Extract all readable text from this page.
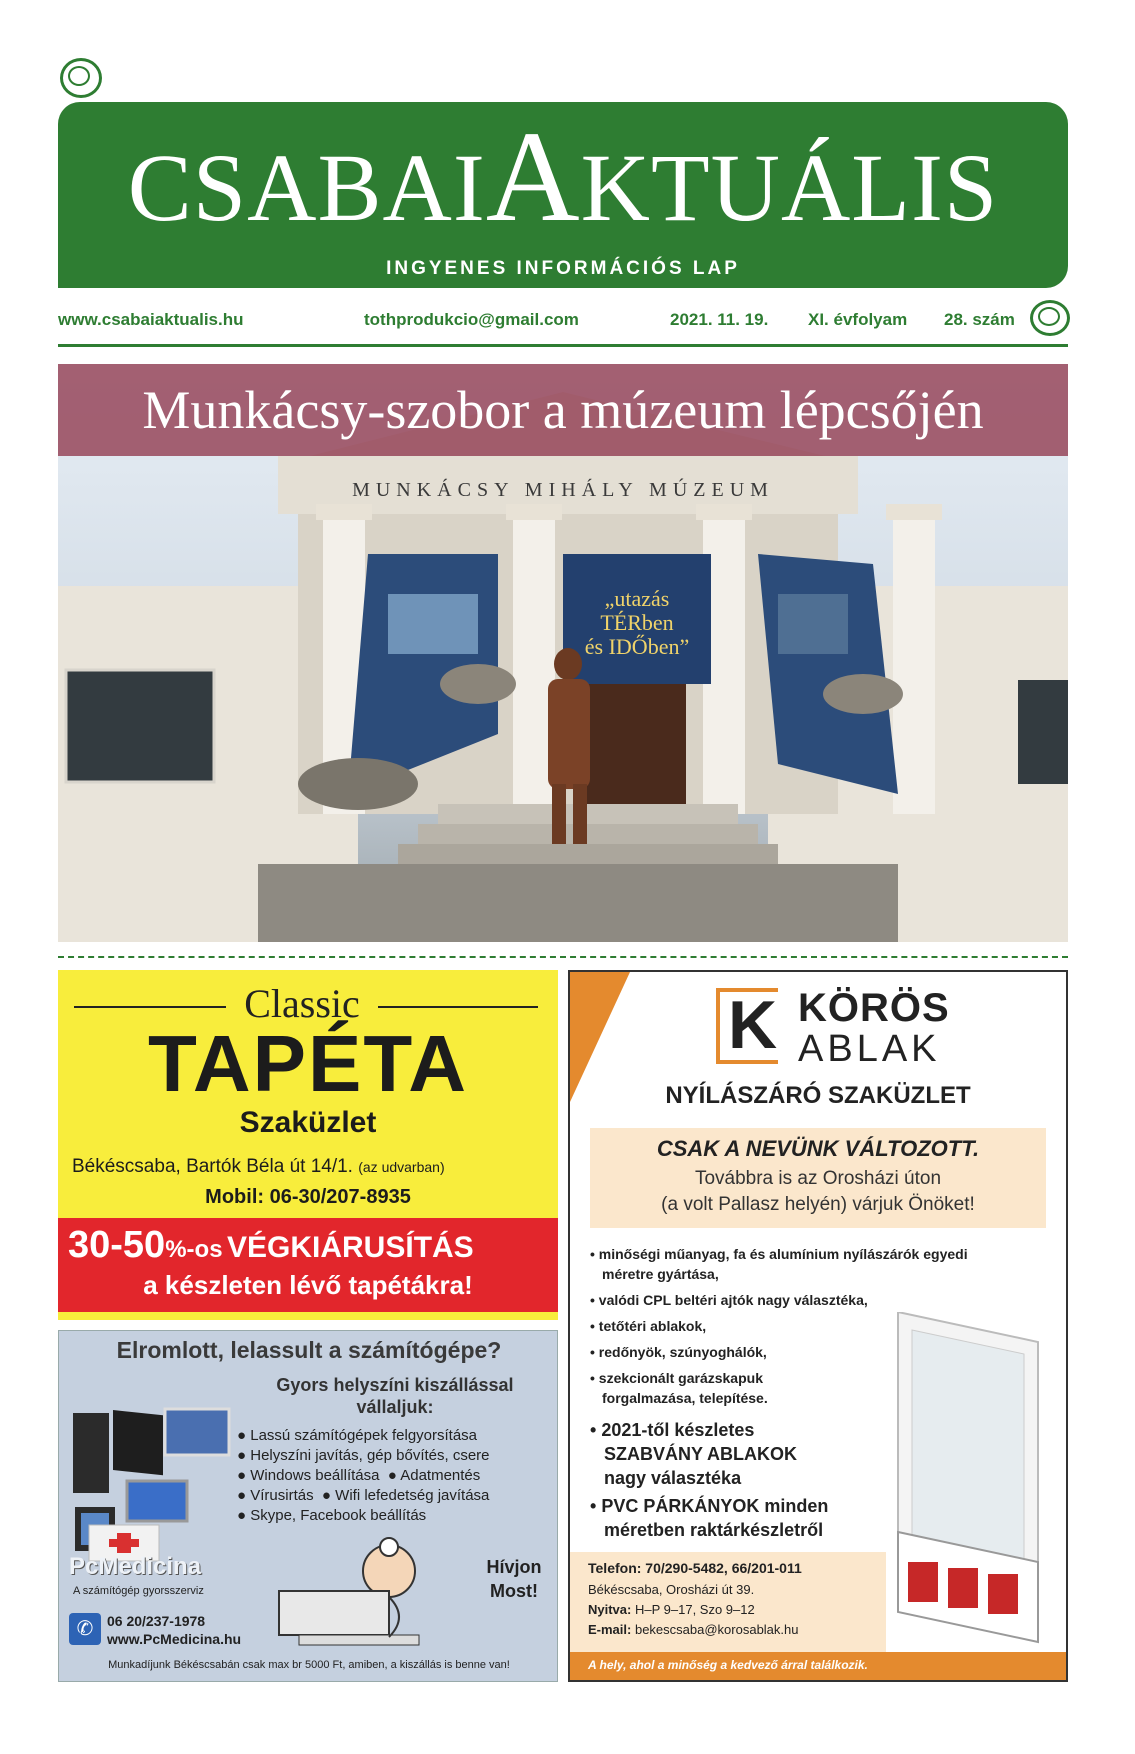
CSABAIAKTUÁLIS
INGYENES INFORMÁCIÓS LAP
www.csabaiaktualis.hu	tothprodukcio@gmail.com	2021. 11. 19. XI. évfolyam 28. szám
MUNKÁCSY MIHÁLY MÚZEUM
„utazás
TÉRben
és IDŐben”
Munkácsy-szobor a múzeum lépcsőjén
Classic
TAPÉTA
Szaküzlet
Békéscsaba, Bartók Béla út 14/1. (az udvarban)
Mobil: 06-30/207-8935
30-50%-os VÉGKIÁRUSÍTÁS
a készleten lévő tapétákra!
Elromlott, lelassult a számítógépe?
Gyors helyszíni kiszállással
vállaljuk:
● Lassú számítógépek felgyorsítása
● Helyszíni javítás, gép bővítés, csere
● Windows beállítása  ● Adatmentés
● Vírusirtás  ● Wifi lefedetség javítása
● Skype, Facebook beállítás
PcMedicina
A számítógép gyorsszerviz
Hívjon
Most!
✆ 06 20/237-1978
www.PcMedicina.hu
Munkadíjunk Békéscsabán csak max br 5000 Ft, amiben, a kiszállás is benne van!
K KÖRÖS
ABLAK
NYÍLÁSZÁRÓ SZAKÜZLET
CSAK A NEVÜNK VÁLTOZOTT.
Továbbra is az Orosházi úton
(a volt Pallasz helyén) várjuk Önöket!
• minőségi műanyag, fa és alumínium nyílászárók egyedi
méretre gyártása,
• valódi CPL beltéri ajtók nagy választéka,
• tetőtéri ablakok,
• redőnyök, szúnyoghálók,
• szekcionált garázskapuk
forgalmazása, telepítése.
• 2021-től készletes
SZABVÁNY ABLAKOK
nagy választéka
• PVC PÁRKÁNYOK minden
méretben raktárkészletről
Telefon: 70/290-5482, 66/201-011
Békéscsaba, Orosházi út 39.
Nyitva: H–P 9–17, Szo 9–12
E-mail: bekescsaba@korosablak.hu
A hely, ahol a minőség a kedvező árral találkozik.
